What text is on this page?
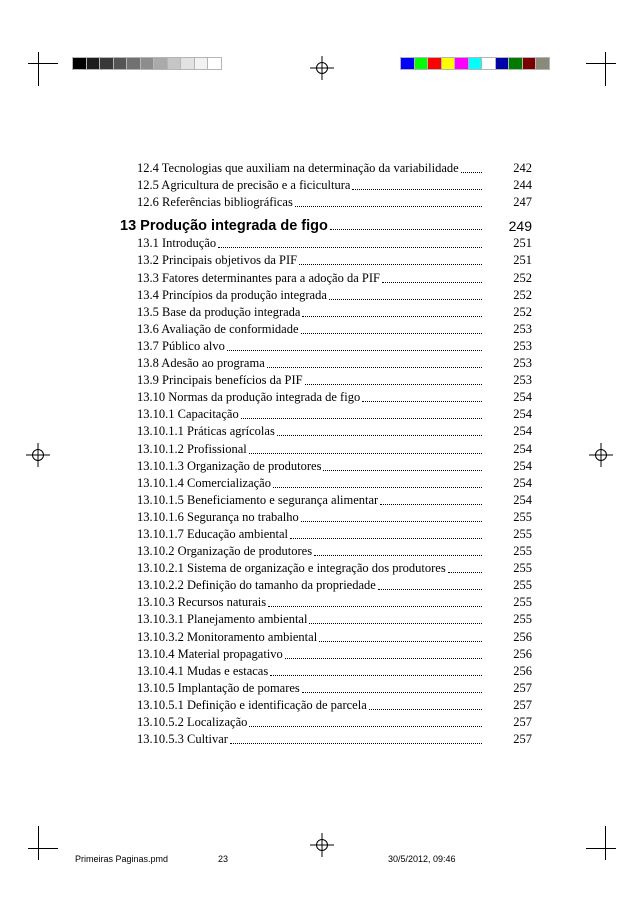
12.4 Tecnologias que auxiliam na determinação da variabilidade	242
12.5 Agricultura de precisão e a ficicultura	244
12.6 Referências bibliográficas	247
13 Produção integrada de figo	249
13.1 Introdução	251
13.2 Principais objetivos da PIF	251
13.3 Fatores determinantes para a adoção da PIF	252
13.4 Princípios da produção integrada	252
13.5 Base da produção integrada	252
13.6 Avaliação de conformidade	253
13.7 Público alvo	253
13.8 Adesão ao programa	253
13.9 Principais benefícios da PIF	253
13.10 Normas da produção integrada de figo	254
13.10.1 Capacitação	254
13.10.1.1 Práticas agrícolas	254
13.10.1.2 Profissional	254
13.10.1.3 Organização de produtores	254
13.10.1.4 Comercialização	254
13.10.1.5 Beneficiamento e segurança alimentar	254
13.10.1.6 Segurança no trabalho	255
13.10.1.7 Educação ambiental	255
13.10.2 Organização de produtores	255
13.10.2.1 Sistema de organização e integração dos produtores	255
13.10.2.2 Definição do tamanho da propriedade	255
13.10.3 Recursos naturais	255
13.10.3.1 Planejamento ambiental	255
13.10.3.2 Monitoramento ambiental	256
13.10.4 Material propagativo	256
13.10.4.1 Mudas e estacas	256
13.10.5 Implantação de pomares	257
13.10.5.1 Definição e identificação de parcela	257
13.10.5.2 Localização	257
13.10.5.3 Cultivar	257
Primeiras Paginas.pmd	23	30/5/2012, 09:46
